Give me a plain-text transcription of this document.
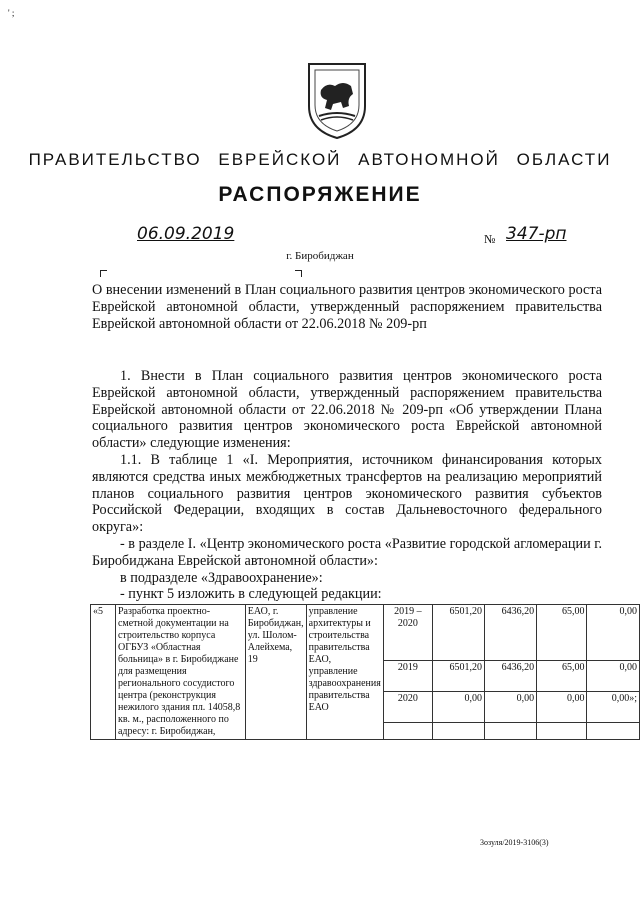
' ;
ПРАВИТЕЛЬСТВО ЕВРЕЙСКОЙ АВТОНОМНОЙ ОБЛАСТИ
РАСПОРЯЖЕНИЕ
06.09.2019	№ 347-рп
г. Биробиджан
О внесении изменений в План социального развития центров экономического роста Еврейской автономной области, утвержденный распоряжением правительства Еврейской автономной области от 22.06.2018 № 209-рп

1. Внести в План социального развития центров экономического роста Еврейской автономной области, утвержденный распоряжением правительства Еврейской автономной области от 22.06.2018 № 209-рп «Об утверждении Плана социального развития центров экономического роста Еврейской автономной области» следующие изменения:

1.1. В таблице 1 «I. Мероприятия, источником финансирования которых являются средства иных межбюджетных трансфертов на реализацию мероприятий планов социального развития центров экономического развития субъектов Российской Федерации, входящих в состав Дальневосточного федерального округа»:

- в разделе I. «Центр экономического роста «Развитие городской агломерации г. Биробиджана Еврейской автономной области»:

в подразделе «Здравоохранение»:

- пункт 5 изложить в следующей редакции:

«5	Разработка проектно-сметной документации на строительство корпуса ОГБУЗ «Областная больница» в г. Биробиджане для размещения регионального сосудистого центра (реконструкция нежилого здания пл. 14058,8 кв. м., расположенного по адресу: г. Биробиджан,	ЕАО, г. Биробиджан, ул. Шолом-Алейхема, 19	управление архитектуры и строительства правительства ЕАО, управление здравоохранения правительства ЕАО	2019 – 2020	6501,20	6436,20	65,00	0,00
				2019	6501,20	6436,20	65,00	0,00
				2020	0,00	0,00	0,00	0,00»;

3озуля/2019-3106(3)
